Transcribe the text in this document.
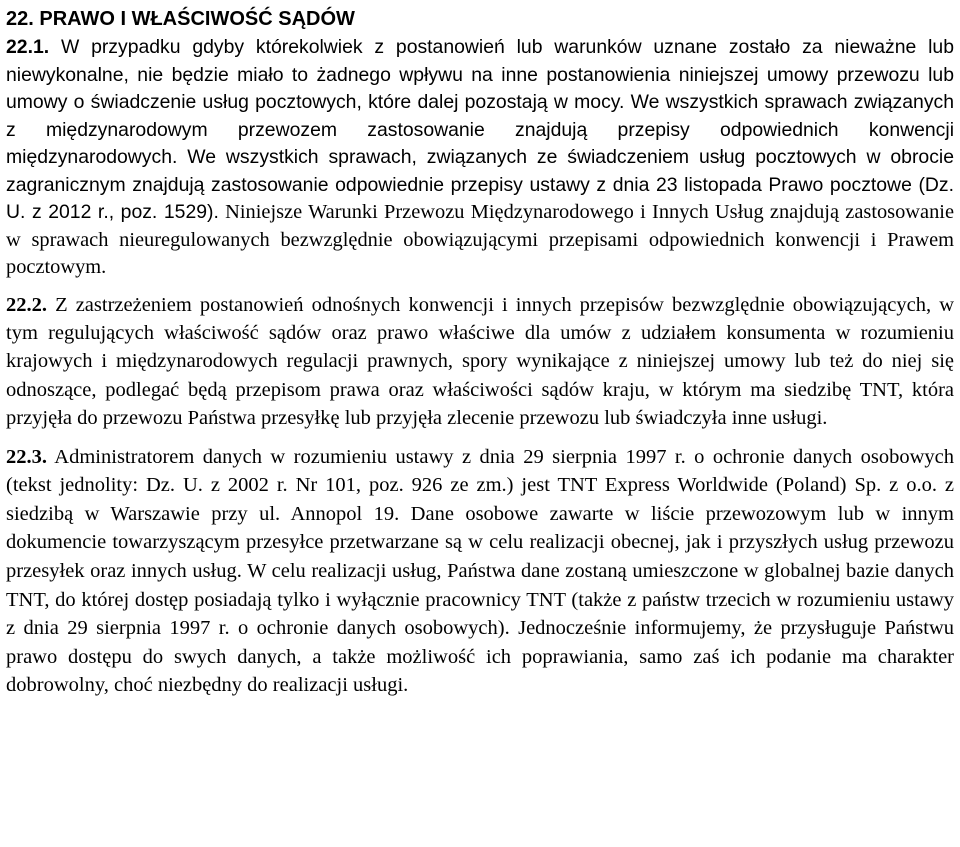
22. PRAWO I WŁAŚCIWOŚĆ SĄDÓW

22.1. W przypadku gdyby którekolwiek z postanowień lub warunków uznane zostało za nieważne lub niewykonalne, nie będzie miało to żadnego wpływu na inne postanowienia niniejszej umowy przewozu lub umowy o świadczenie usług pocztowych, które dalej pozostają w mocy. We wszystkich sprawach związanych z międzynarodowym przewozem zastosowanie znajdują przepisy odpowiednich konwencji międzynarodowych. We wszystkich sprawach, związanych ze świadczeniem usług pocztowych w obrocie zagranicznym znajdują zastosowanie odpowiednie przepisy ustawy z dnia 23 listopada Prawo pocztowe (Dz. U. z 2012 r., poz. 1529). Niniejsze Warunki Przewozu Międzynarodowego i Innych Usług znajdują zastosowanie w sprawach nieuregulowanych bezwzględnie obowiązującymi przepisami odpowiednich konwencji i Prawem pocztowym.

22.2. Z zastrzeżeniem postanowień odnośnych konwencji i innych przepisów bezwzględnie obowiązujących, w tym regulujących właściwość sądów oraz prawo właściwe dla umów z udziałem konsumenta w rozumieniu krajowych i międzynarodowych regulacji prawnych, spory wynikające z niniejszej umowy lub też do niej się odnoszące, podlegać będą przepisom prawa oraz właściwości sądów kraju, w którym ma siedzibę TNT, która przyjęła do przewozu Państwa przesyłkę lub przyjęła zlecenie przewozu lub świadczyła inne usługi.

22.3. Administratorem danych w rozumieniu ustawy z dnia 29 sierpnia 1997 r. o ochronie danych osobowych (tekst jednolity: Dz. U. z 2002 r. Nr 101, poz. 926 ze zm.) jest TNT Express Worldwide (Poland) Sp. z o.o. z siedzibą w Warszawie przy ul. Annopol 19. Dane osobowe zawarte w liście przewozowym lub w innym dokumencie towarzyszącym przesyłce przetwarzane są w celu realizacji obecnej, jak i przyszłych usług przewozu przesyłek oraz innych usług. W celu realizacji usług, Państwa dane zostaną umieszczone w globalnej bazie danych TNT, do której dostęp posiadają tylko i wyłącznie pracownicy TNT (także z państw trzecich w rozumieniu ustawy z dnia 29 sierpnia 1997 r. o ochronie danych osobowych). Jednocześnie informujemy, że przysługuje Państwu prawo dostępu do swych danych, a także możliwość ich poprawiania, samo zaś ich podanie ma charakter dobrowolny, choć niezbędny do realizacji usługi.
